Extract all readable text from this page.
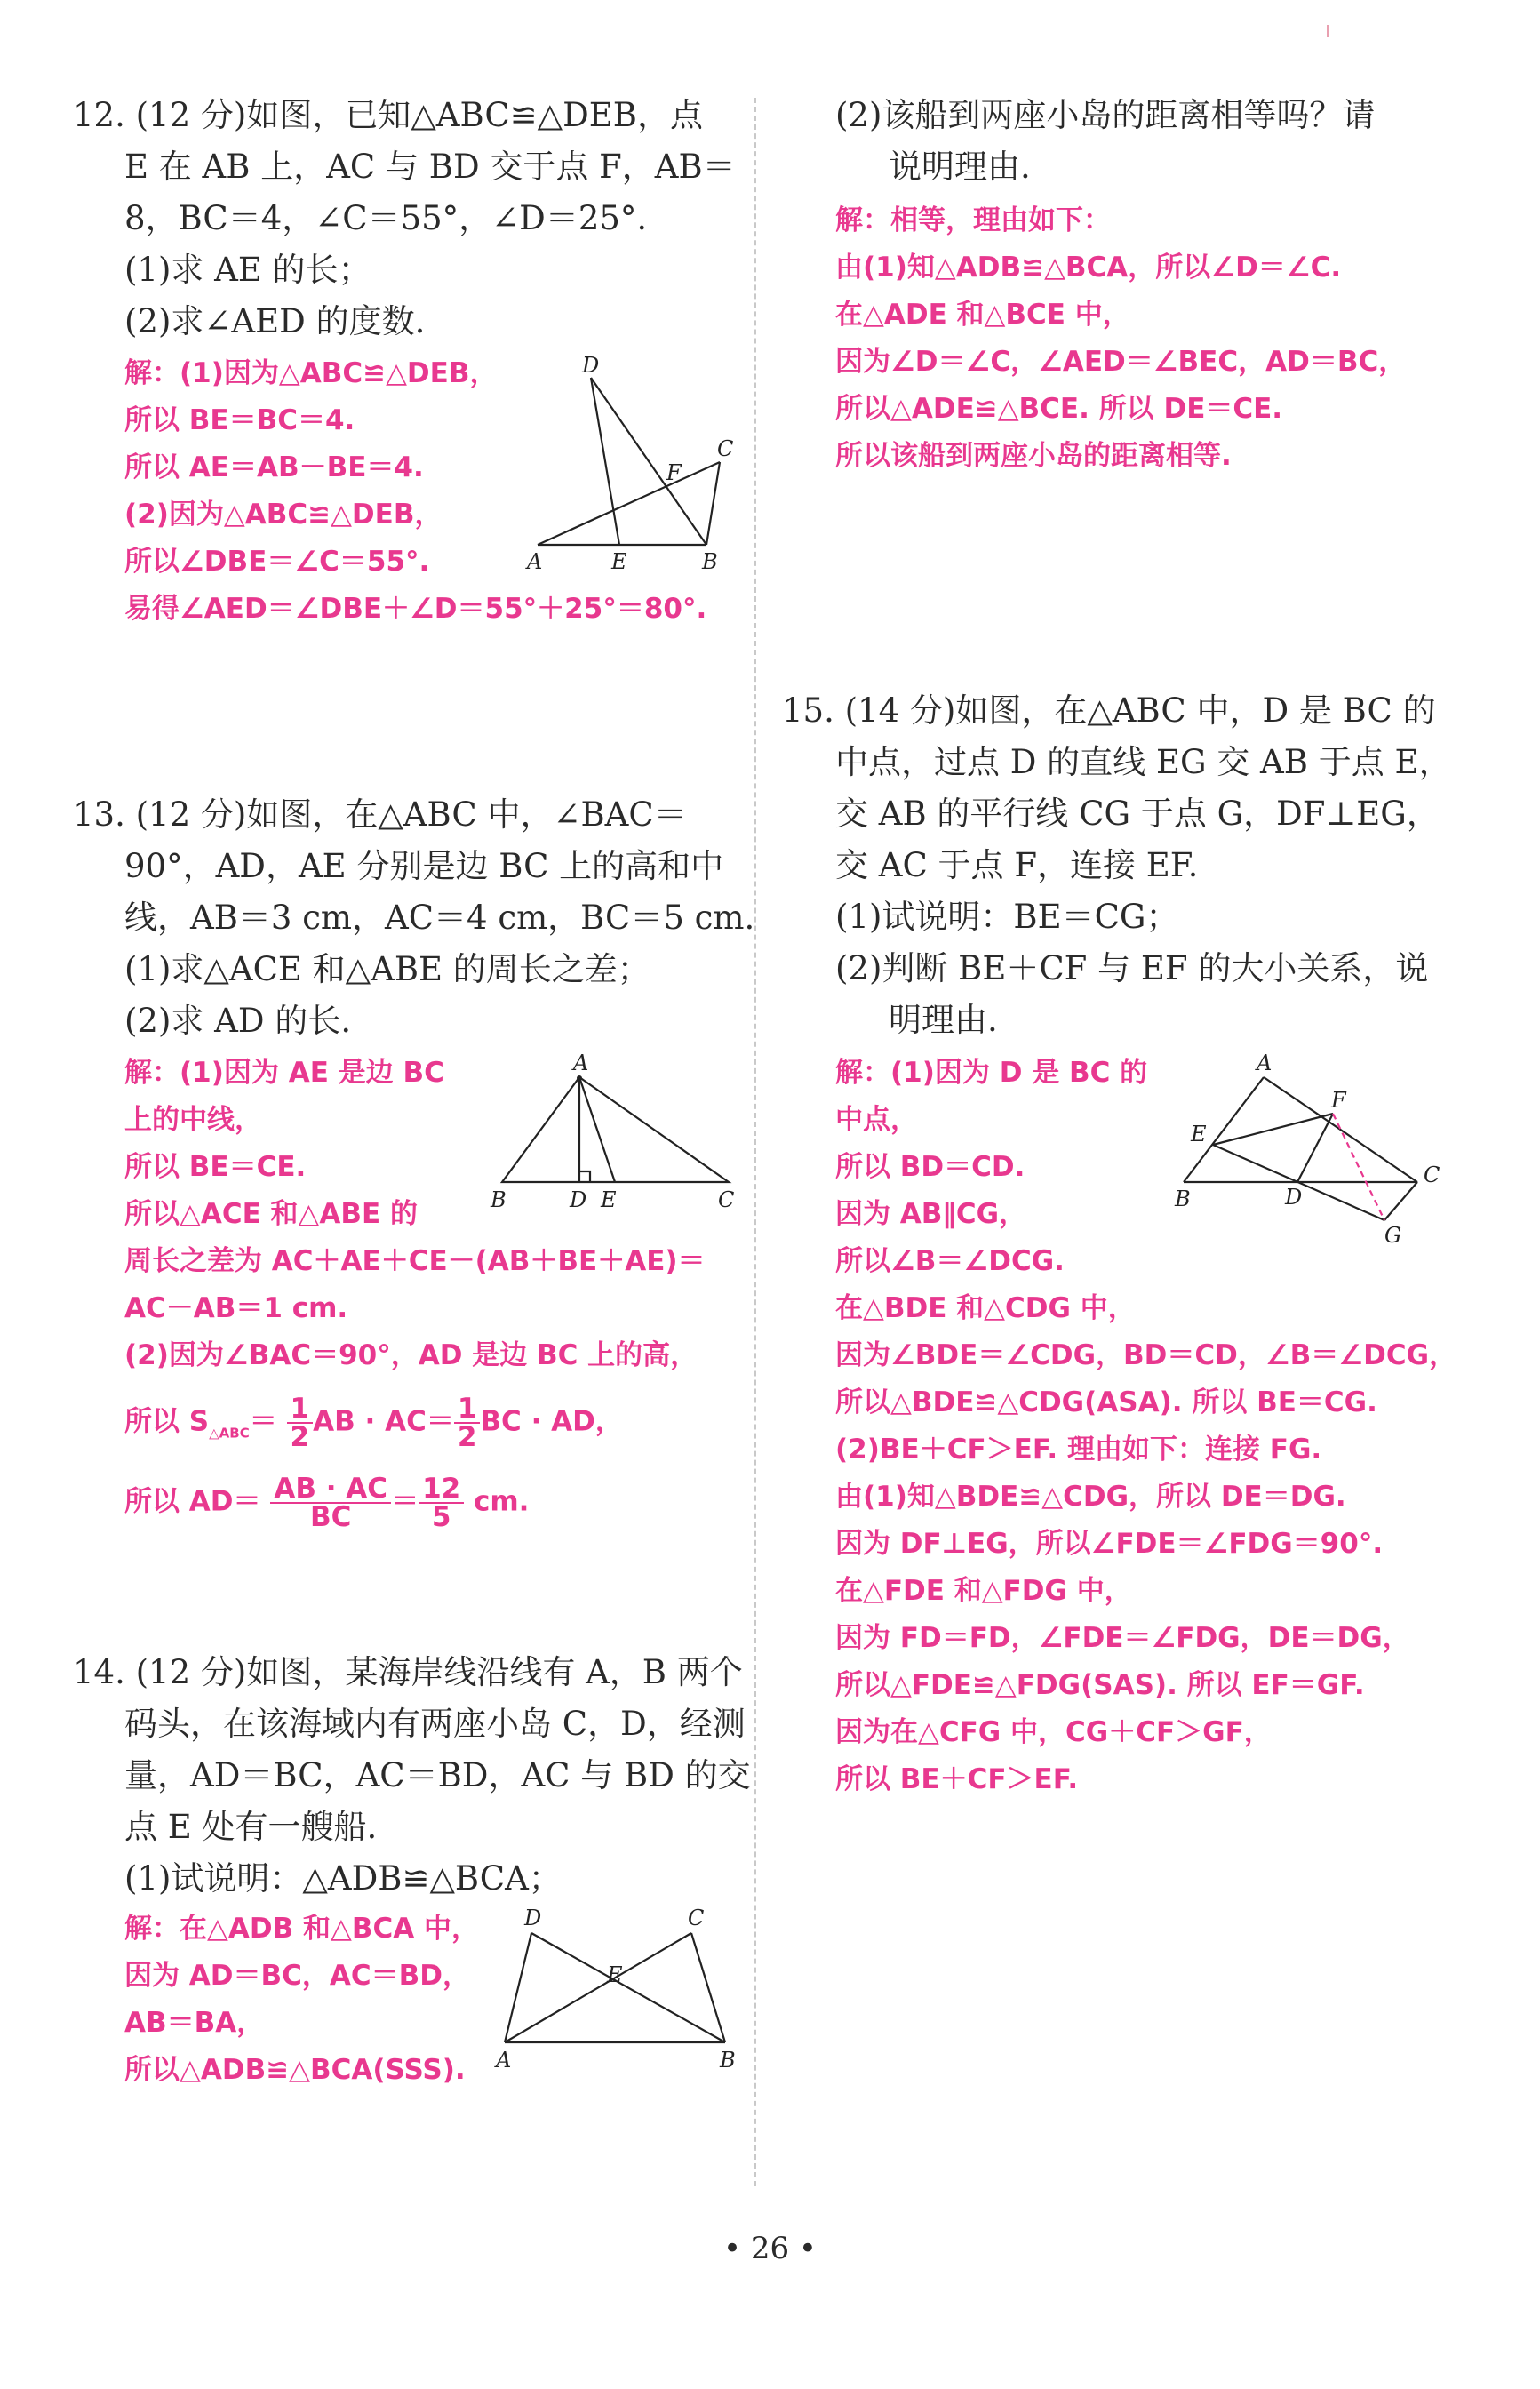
12. (12 分)如图，已知△ABC≌△DEB，点
E 在 AB 上，AC 与 BD 交于点 F，AB＝
8，BC＝4，∠C＝55°，∠D＝25°.
(1)求 AE 的长；
(2)求∠AED 的度数.
解：(1)因为△ABC≌△DEB，
所以 BE＝BC＝4.
所以 AE＝AB－BE＝4.
(2)因为△ABC≌△DEB，
所以∠DBE＝∠C＝55°.
易得∠AED＝∠DBE＋∠D＝55°＋25°＝80°.
D
F
C
A	E	B
13. (12 分)如图，在△ABC 中，∠BAC＝
90°，AD，AE 分别是边 BC 上的高和中
线，AB＝3 cm，AC＝4 cm，BC＝5 cm.
(1)求△ACE 和△ABE 的周长之差；
(2)求 AD 的长.
解：(1)因为 AE 是边 BC
上的中线，
所以 BE＝CE.
所以△ACE 和△ABE 的
周长之差为 AC＋AE＋CE－(AB＋BE＋AE)＝
AC－AB＝1 cm.
(2)因为∠BAC＝90°，AD 是边 BC 上的高，
所以 $S_{\triangle ABC}= \frac{1}{2}$ AB · $AC= \frac{1}{2}$ BC · AD，
所以 $AD= \frac{AB \cdot AC}{BC} = \frac{12}{5}$ cm.
A
B	D E	C
14. (12 分)如图，某海岸线沿线有 A，B 两个
码头，在该海域内有两座小岛 C，D，经测
量，AD＝BC，AC＝BD，AC 与 BD 的交
点 E 处有一艘船.
(1)试说明：△ADB≌△BCA；
解：在△ADB 和△BCA 中，
因为 AD＝BC，AC＝BD，
AB＝BA，
所以△ADB≌△BCA(SSS).
D	C
E
A	B
(2)该船到两座小岛的距离相等吗？请
说明理由.
解：相等，理由如下：
由(1)知△ADB≌△BCA，所以∠D＝∠C.
在△ADE 和△BCE 中，
因为∠D＝∠C，∠AED＝∠BEC，AD＝BC，
所以△ADE≌△BCE. 所以 DE＝CE.
所以该船到两座小岛的距离相等.
15. (14 分)如图，在△ABC 中，D 是 BC 的
中点，过点 D 的直线 EG 交 AB 于点 E，
交 AB 的平行线 CG 于点 G，DF⊥EG，
交 AC 于点 F，连接 EF.
(1)试说明：BE＝CG；
(2)判断 BE＋CF 与 EF 的大小关系，说
明理由.
解：(1)因为 D 是 BC 的
中点，
所以 BD＝CD.
因为 AB∥CG，
所以∠B＝∠DCG.
在△BDE 和△CDG 中，
因为∠BDE＝∠CDG，BD＝CD，∠B＝∠DCG，
所以△BDE≌△CDG(ASA). 所以 BE＝CG.
(2)BE＋CF＞EF. 理由如下：连接 FG.
由(1)知△BDE≌△CDG，所以 DE＝DG.
因为 DF⊥EG，所以∠FDE＝∠FDG＝90°.
在△FDE 和△FDG 中，
因为 FD＝FD，∠FDE＝∠FDG，DE＝DG，
所以△FDE≌△FDG(SAS). 所以 EF＝GF.
因为在△CFG 中，CG＋CF＞GF，
所以 BE＋CF＞EF.
A
F
E
C
B	D
G
• 26 •
